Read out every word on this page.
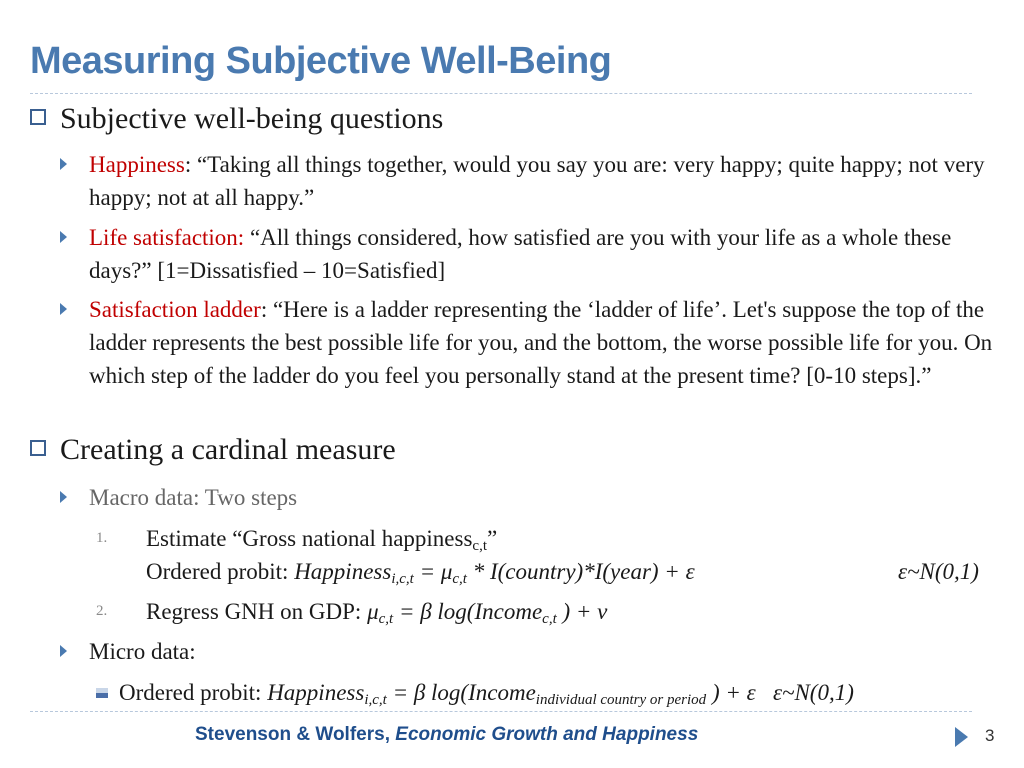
Measuring Subjective Well-Being
Subjective well-being questions
Happiness: “Taking all things together, would you say you are: very happy; quite happy; not very happy; not at all happy.”
Life satisfaction: “All things considered, how satisfied are you with your life as a whole these days?” [1=Dissatisfied – 10=Satisfied]
Satisfaction ladder: “Here is a ladder representing the ‘ladder of life’. Let's suppose the top of the ladder represents the best possible life for you, and the bottom, the worse possible life for you. On which step of the ladder do you feel you personally stand at the present time? [0-10 steps].”
Creating a cardinal measure
Macro data: Two steps
1. Estimate “Gross national happiness$_{c,t}$”
Ordered probit: Happiness$_{i,c,t}$ = $\mu_{c,t}$ * I(country)*I(year) + ε	ε~N(0,1)
2. Regress GNH on GDP: $\mu_{c,t} = \beta$ log(Income$_{c,t}$ ) + ν
Micro data:
Ordered probit: Happiness$_{i,c,t}$ = β log(Income$_{individual country or period}$ ) + ε ε~N(0,1)
Stevenson & Wolfers, Economic Growth and Happiness	3
